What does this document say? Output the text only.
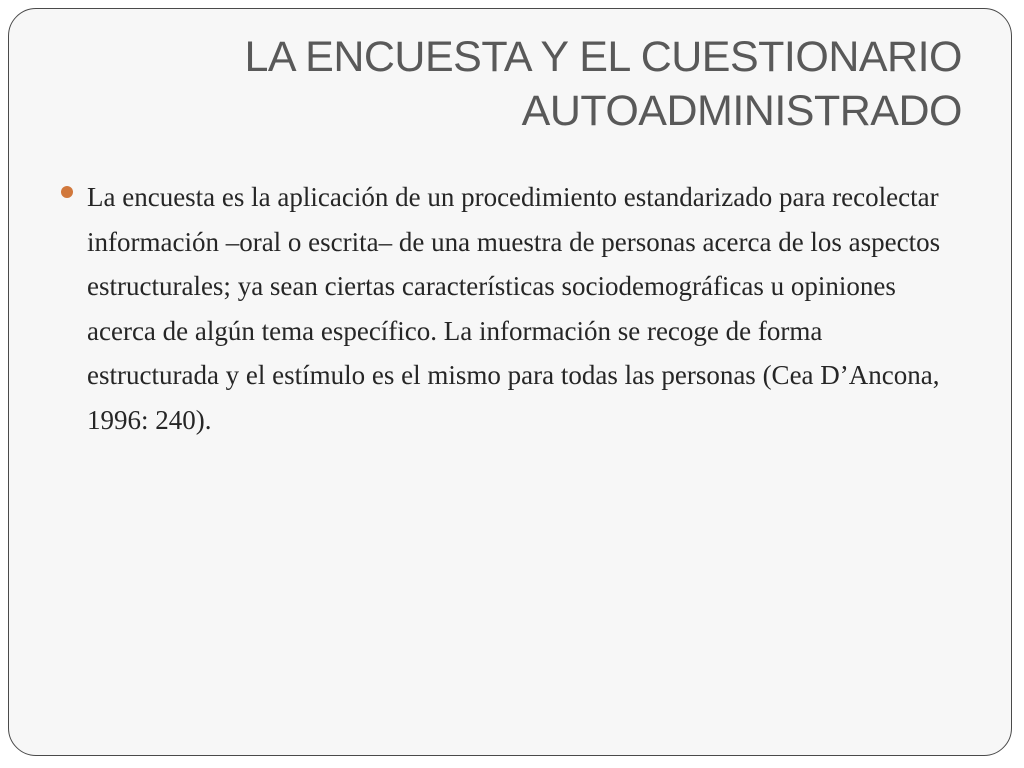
LA ENCUESTA Y EL CUESTIONARIO
AUTOADMINISTRADO

La encuesta es la aplicación de un procedimiento estandarizado para recolectar información –oral o escrita– de una muestra de personas acerca de los aspectos estructurales; ya sean ciertas características sociodemográficas u opiniones acerca de algún tema específico. La información se recoge de forma estructurada y el estímulo es el mismo para todas las personas (Cea D’Ancona, 1996: 240).
